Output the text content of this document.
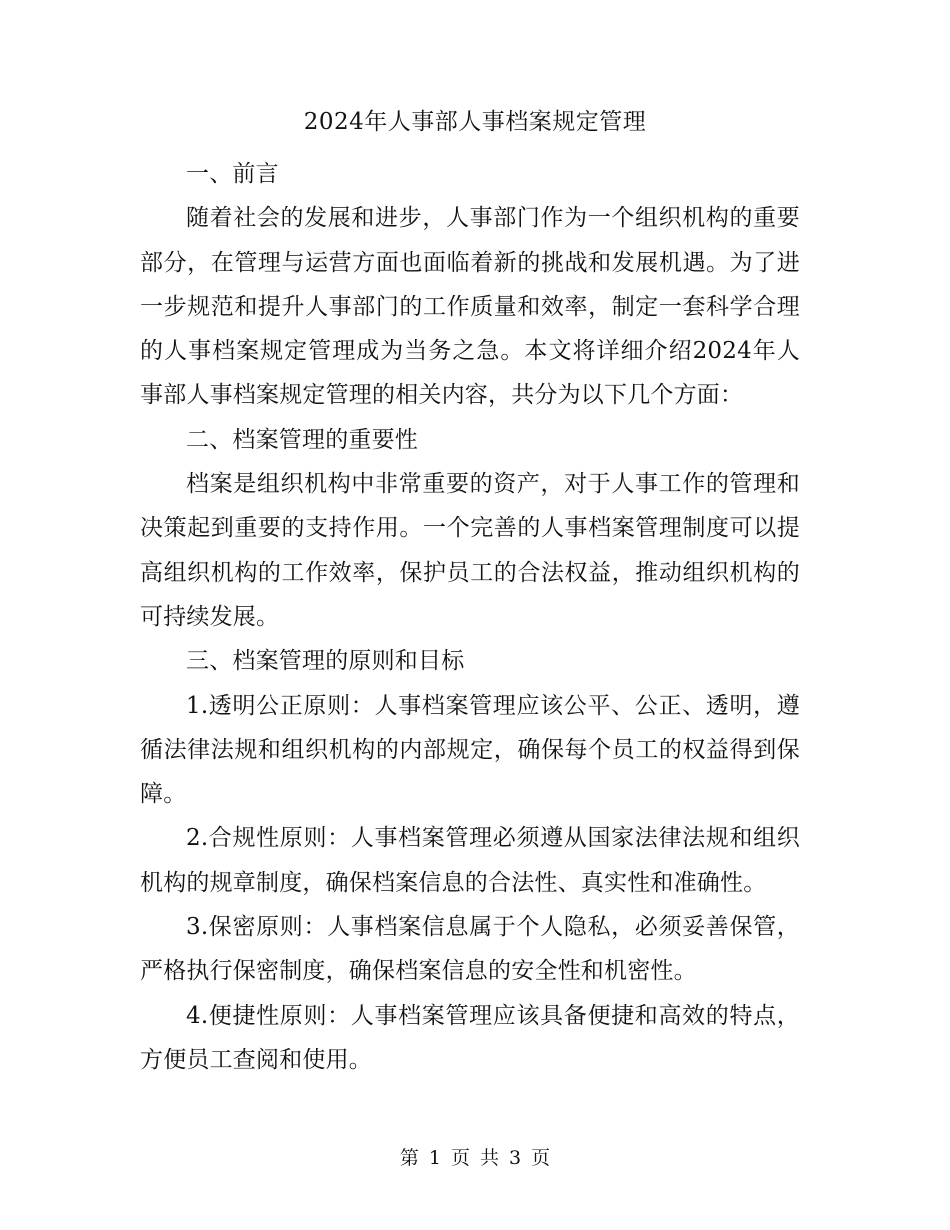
2024年人事部人事档案规定管理

一、前言

随着社会的发展和进步，人事部门作为一个组织机构的重要部分，在管理与运营方面也面临着新的挑战和发展机遇。为了进一步规范和提升人事部门的工作质量和效率，制定一套科学合理的人事档案规定管理成为当务之急。本文将详细介绍2024年人事部人事档案规定管理的相关内容，共分为以下几个方面：

二、档案管理的重要性

档案是组织机构中非常重要的资产，对于人事工作的管理和决策起到重要的支持作用。一个完善的人事档案管理制度可以提高组织机构的工作效率，保护员工的合法权益，推动组织机构的可持续发展。

三、档案管理的原则和目标

1.透明公正原则：人事档案管理应该公平、公正、透明，遵循法律法规和组织机构的内部规定，确保每个员工的权益得到保障。

2.合规性原则：人事档案管理必须遵从国家法律法规和组织机构的规章制度，确保档案信息的合法性、真实性和准确性。

3.保密原则：人事档案信息属于个人隐私，必须妥善保管，严格执行保密制度，确保档案信息的安全性和机密性。

4.便捷性原则：人事档案管理应该具备便捷和高效的特点，方便员工查阅和使用。

第 1 页 共 3 页
